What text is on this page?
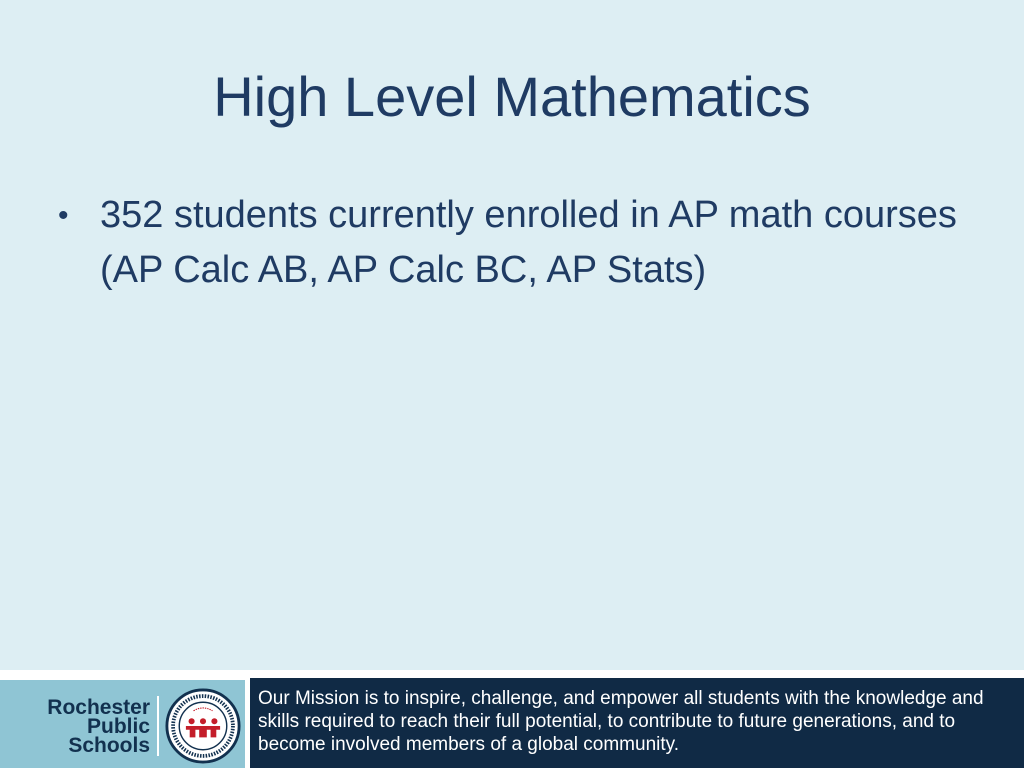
High Level Mathematics
• 352 students currently enrolled in AP math courses (AP Calc AB, AP Calc BC, AP Stats)
Rochester
Public
Schools

Our Mission is to inspire, challenge, and empower all students with the knowledge and skills required to reach their full potential, to contribute to future generations, and to become involved members of a global community.
